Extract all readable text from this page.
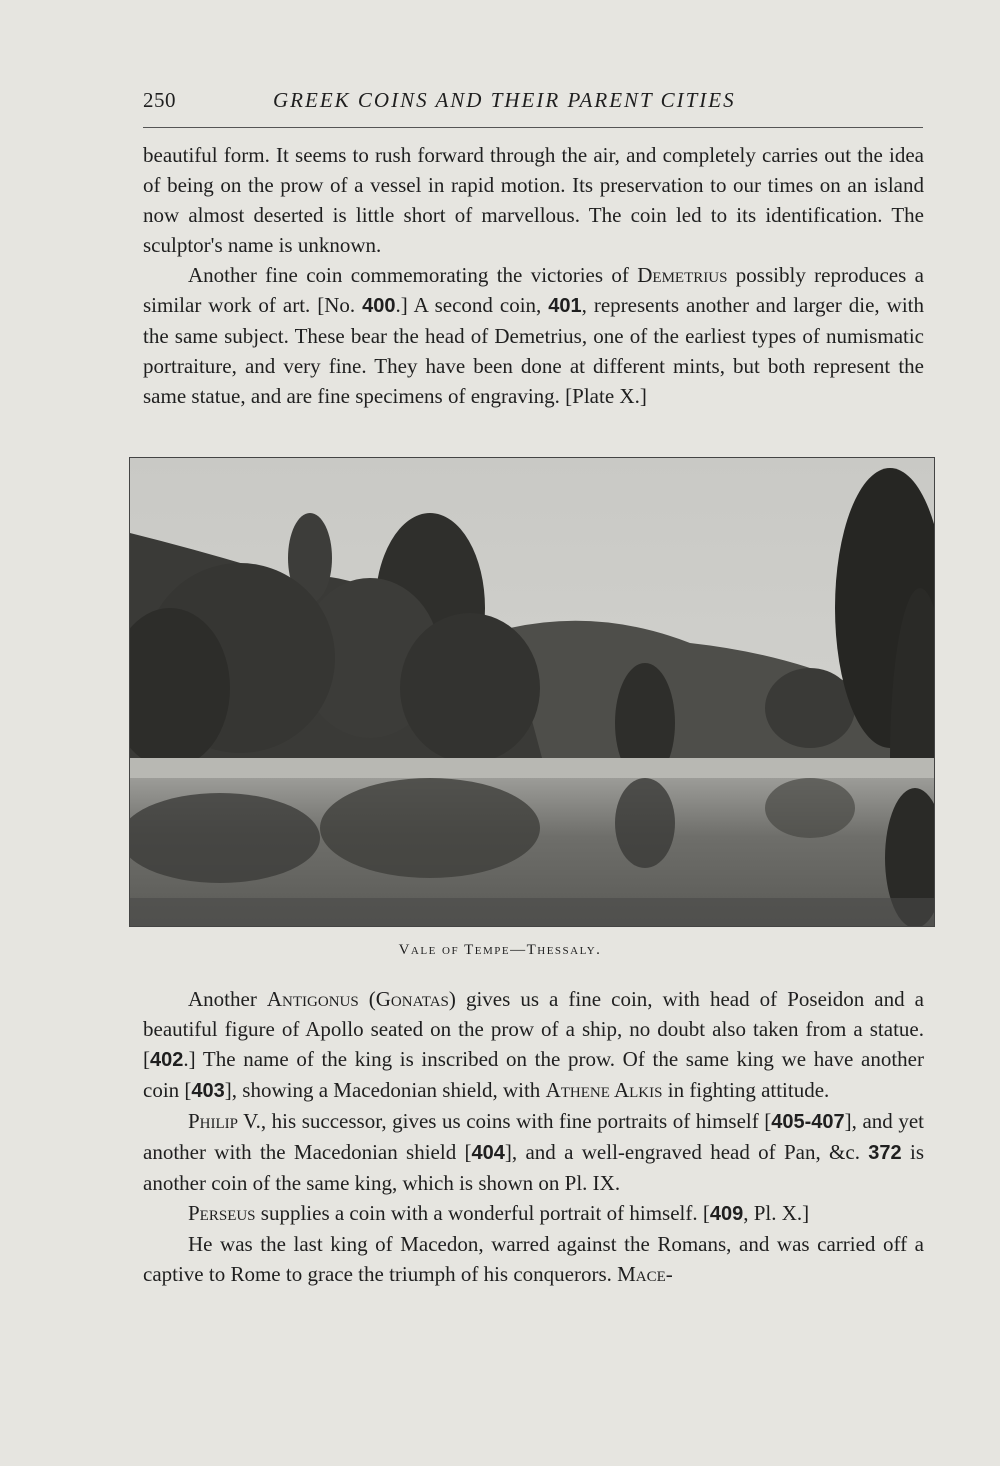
250	GREEK COINS AND THEIR PARENT CITIES

beautiful form. It seems to rush forward through the air, and completely carries out the idea of being on the prow of a vessel in rapid motion. Its preservation to our times on an island now almost deserted is little short of marvellous. The coin led to its identification. The sculptor's name is unknown.

Another fine coin commemorating the victories of Demetrius possibly reproduces a similar work of art. [No. 400.] A second coin, 401, represents another and larger die, with the same subject. These bear the head of Demetrius, one of the earliest types of numismatic portraiture, and very fine. They have been done at different mints, but both represent the same statue, and are fine specimens of engraving. [Plate X.]

Vale of Tempe—Thessaly.

Another Antigonus (Gonatas) gives us a fine coin, with head of Poseidon and a beautiful figure of Apollo seated on the prow of a ship, no doubt also taken from a statue. [402.] The name of the king is inscribed on the prow. Of the same king we have another coin [403], showing a Macedonian shield, with Athene Alkis in fighting attitude.

Philip V., his successor, gives us coins with fine portraits of himself [405-407], and yet another with the Macedonian shield [404], and a well-engraved head of Pan, &c. 372 is another coin of the same king, which is shown on Pl. IX.

Perseus supplies a coin with a wonderful portrait of himself. [409, Pl. X.]

He was the last king of Macedon, warred against the Romans, and was carried off a captive to Rome to grace the triumph of his conquerors. Mace-
